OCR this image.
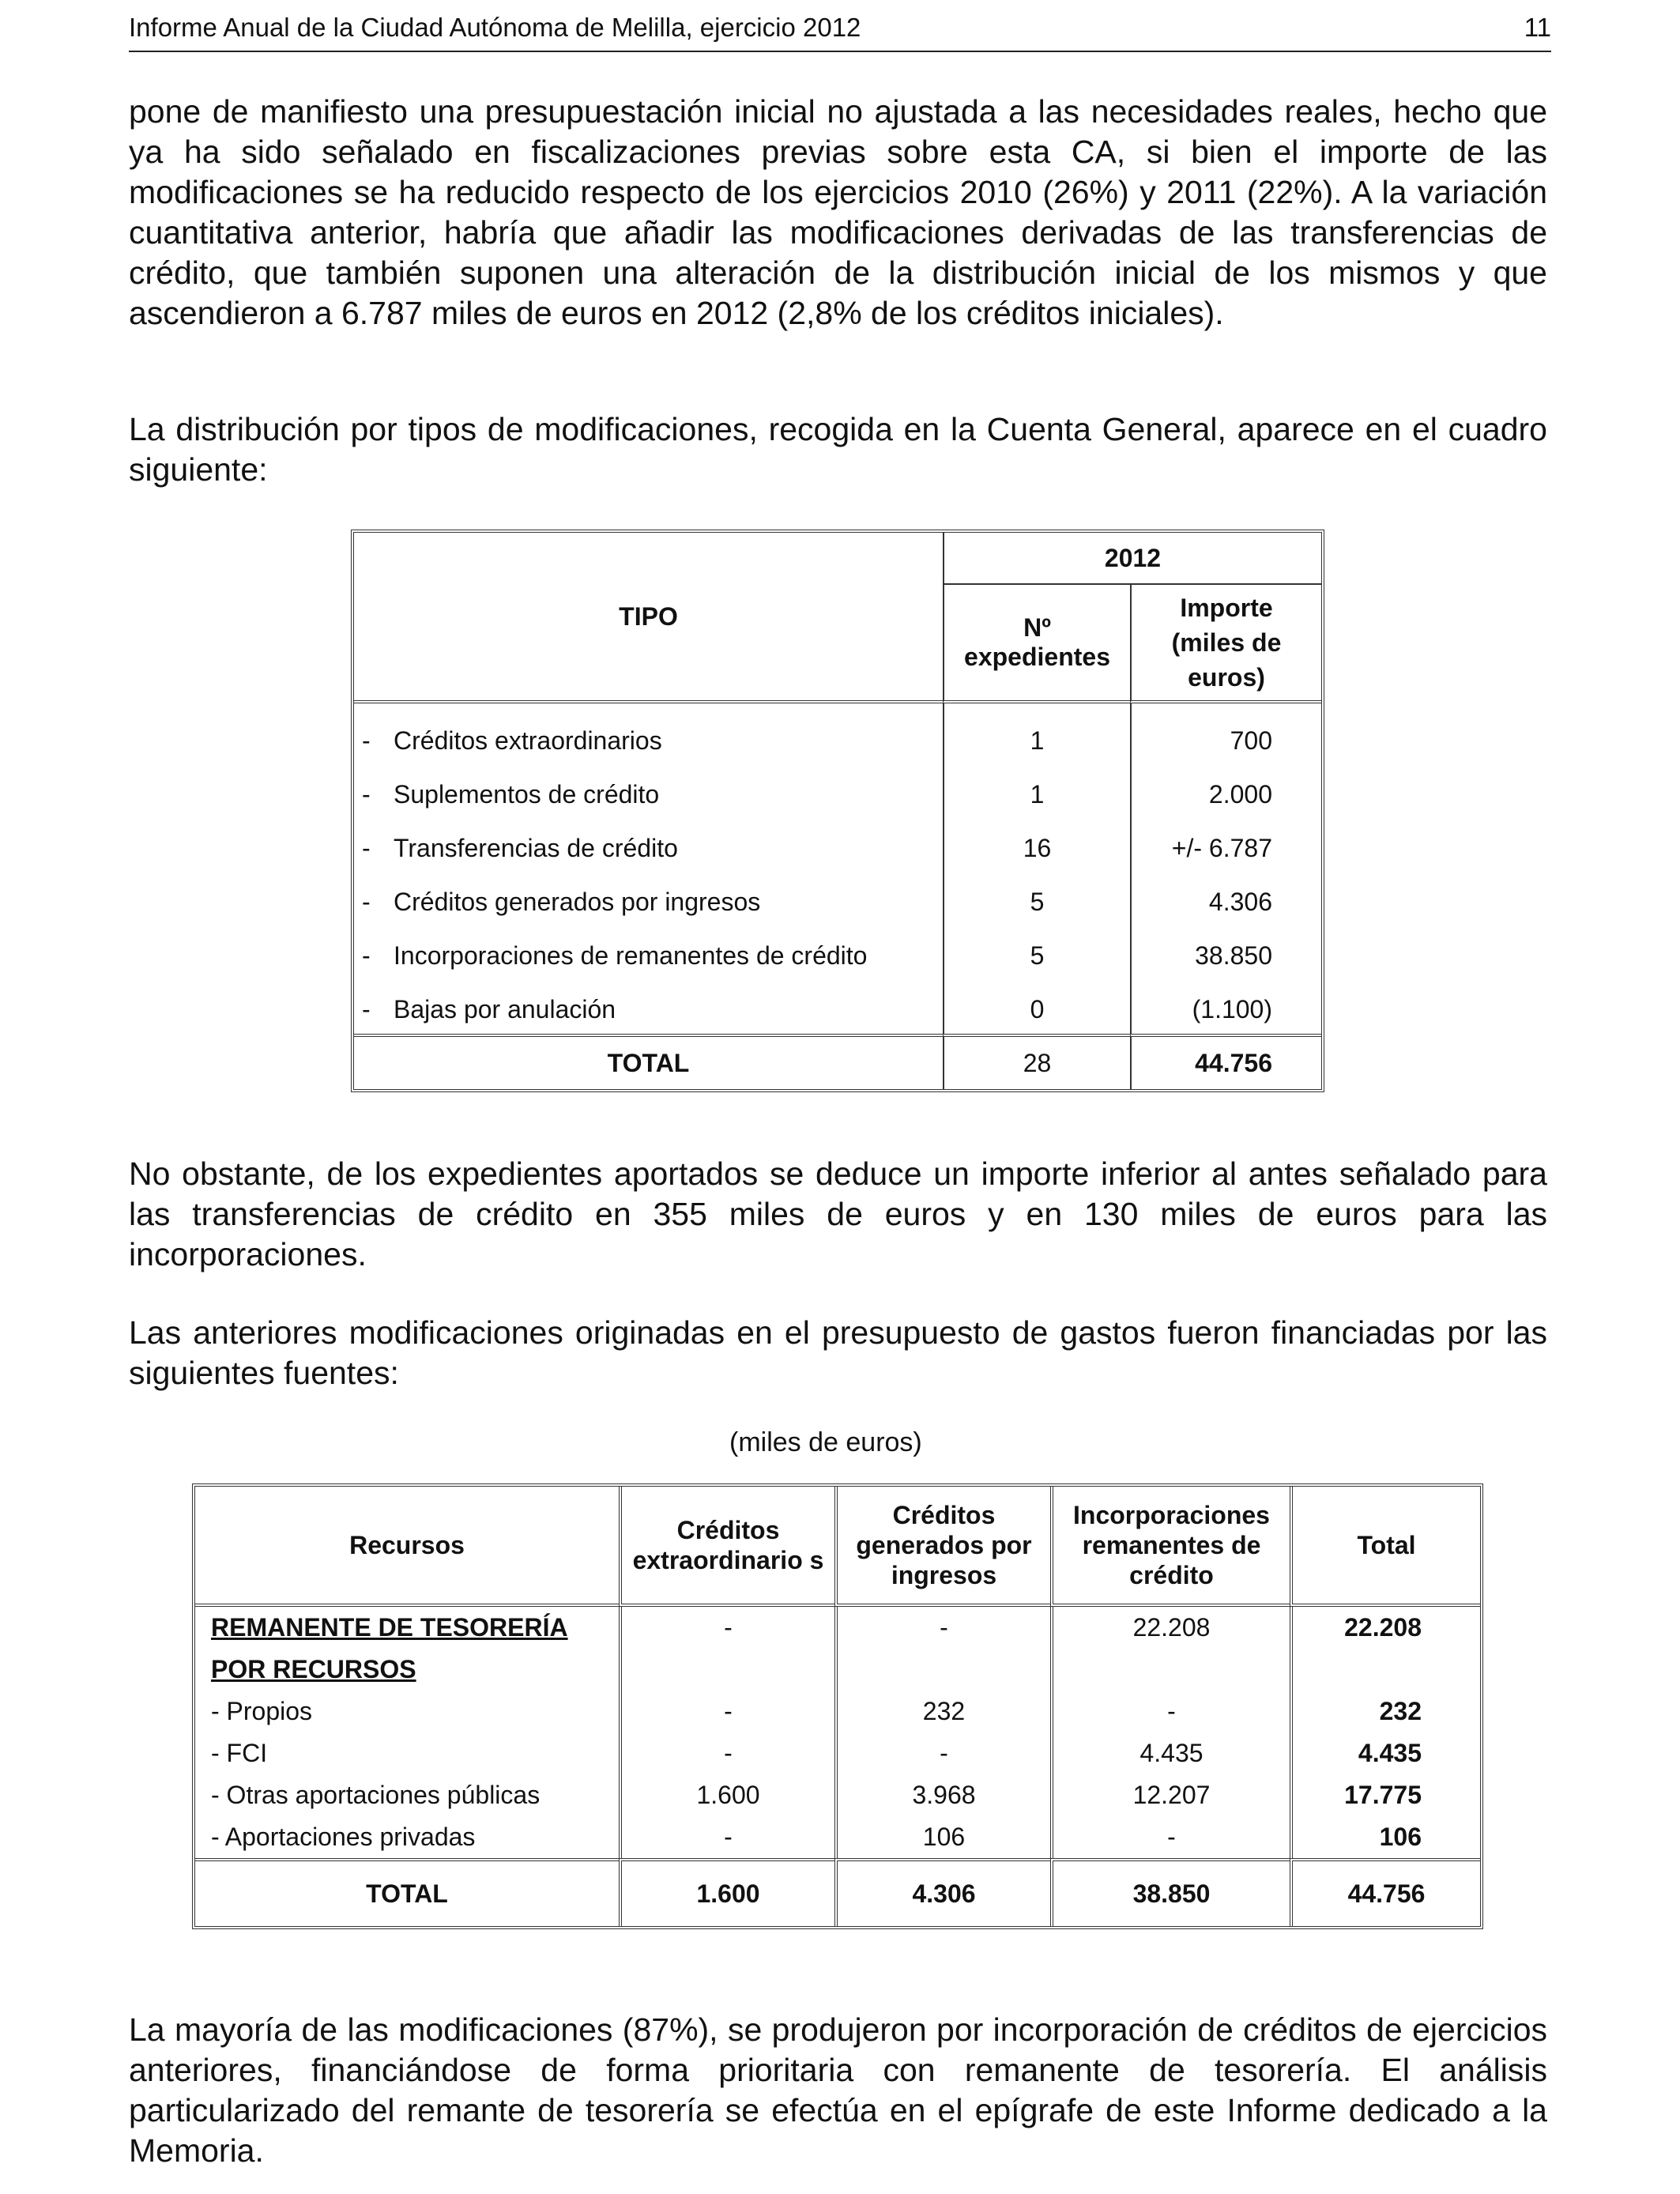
Informe Anual de la Ciudad Autónoma de Melilla, ejercicio 2012	11

pone de manifiesto una presupuestación inicial no ajustada a las necesidades reales, hecho que ya ha sido señalado en fiscalizaciones previas sobre esta CA, si bien el importe de las modificaciones se ha reducido respecto de los ejercicios 2010 (26%) y 2011 (22%). A la variación cuantitativa anterior, habría que añadir las modificaciones derivadas de las transferencias de crédito, que también suponen una alteración de la distribución inicial de los mismos y que ascendieron a 6.787 miles de euros en 2012 (2,8% de los créditos iniciales).

La distribución por tipos de modificaciones, recogida en la Cuenta General, aparece en el cuadro siguiente:

TIPO	2012	
	Nº expedientes	Importe (miles de euros)
- Créditos extraordinarios	1	700
- Suplementos de crédito	1	2.000
- Transferencias de crédito	16	+/- 6.787
- Créditos generados por ingresos	5	4.306
- Incorporaciones de remanentes de crédito	5	38.850
- Bajas por anulación	0	(1.100)
TOTAL	28	44.756

No obstante, de los expedientes aportados se deduce un importe inferior al antes señalado para las transferencias de crédito en 355 miles de euros y en 130 miles de euros para las incorporaciones.

Las anteriores modificaciones originadas en el presupuesto de gastos fueron financiadas por las siguientes fuentes:

(miles de euros)
Recursos	Créditos extraordinario s	Créditos generados por ingresos	Incorporaciones remanentes de crédito	Total
REMANENTE DE TESORERÍA	-	-	22.208	22.208
POR RECURSOS				
- Propios	-	232	-	232
- FCI	-	-	4.435	4.435
- Otras aportaciones públicas	1.600	3.968	12.207	17.775
- Aportaciones privadas	-	106	-	106
TOTAL	1.600	4.306	38.850	44.756

La mayoría de las modificaciones (87%), se produjeron por incorporación de créditos de ejercicios anteriores, financiándose de forma prioritaria con remanente de tesorería. El análisis particularizado del remante de tesorería se efectúa en el epígrafe de este Informe dedicado a la Memoria.
